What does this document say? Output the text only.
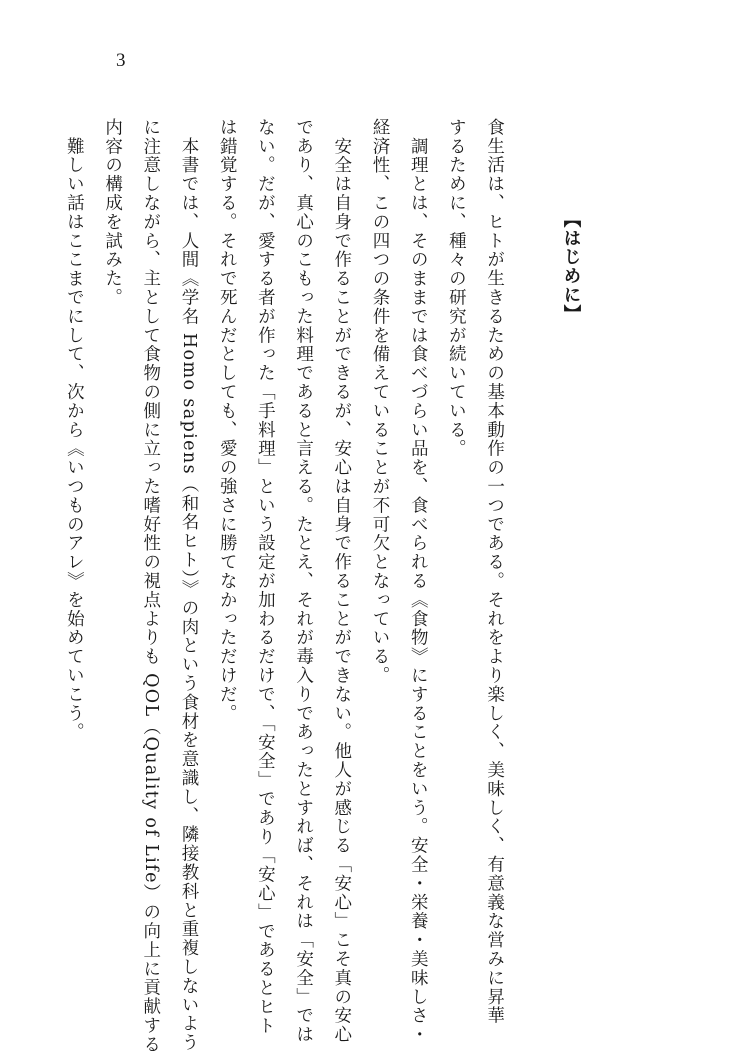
3
【はじめに】
食生活は、ヒトが生きるための基本動作の一つである。それをより楽しく、美味しく、有意義な営みに昇華
するために、種々の研究が続いている。
　調理とは、そのままでは食べづらい品を、食べられる《食物》にすることをいう。安全・栄養・美味しさ・
経済性、この四つの条件を備えていることが不可欠となっている。
　安全は自身で作ることができるが、安心は自身で作ることができない。他人が感じる「安心」こそ真の安心
であり、真心のこもった料理であると言える。たとえ、それが毒入りであったとすれば、それは「安全」では
ない。だが、愛する者が作った「手料理」という設定が加わるだけで、「安全」であり「安心」であるとヒト
は錯覚する。それで死んだとしても、愛の強さに勝てなかっただけだ。
　本書では、人間《学名 Homo sapiens（和名ヒト）》の肉という食材を意識し、隣接教科と重複しないよう
に注意しながら、主として食物の側に立った嗜好性の視点よりも QOL（Quality of Life）の向上に貢献する
内容の構成を試みた。
　難しい話はここまでにして、次から《いつものアレ》を始めていこう。
